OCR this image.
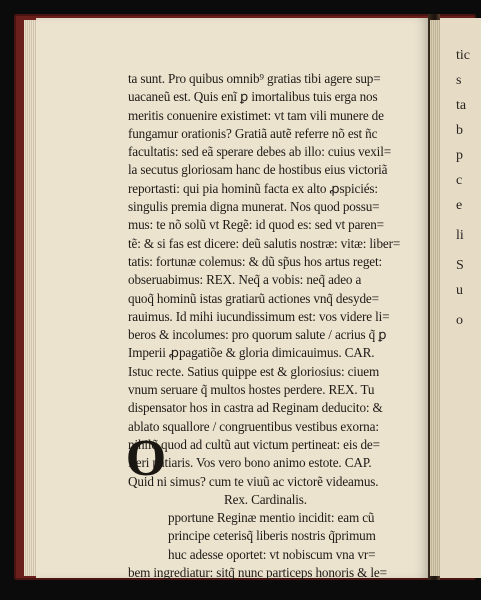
tic
s
ta
b
p
c
e
li
S
u
o
ta sunt. Pro quibus omnib⁹ gratias tibi agere sup=
uacaneũ est. Quis enĩ ꝑ imortalibus tuis erga nos
meritis conuenire existimet: vt tam vili munere de
fungamur orationis? Gratiã autẽ referre nõ est ñc
facultatis: sed eã sperare debes ab illo: cuius vexil=
la secutus gloriosam hanc de hostibus eius victoriã
reportasti: qui pia hominũ facta ex alto ꝓspiciés:
singulis premia digna munerat. Nos quod possu=
mus: te nõ solũ vt Regẽ: id quod es: sed vt paren=
tẽ: & si fas est dicere: deũ salutis nostræ: vitæ: liber=
tatis: fortunæ colemus: & dũ sp̃us hos artus reget:
obseruabimus: REX. Neq̃ a vobis: neq̃ adeo a
quoq̃ hominũ istas gratiarũ actiones vnq̃ desyde=
rauimus. Id mihi iucundissimum est: vos videre li=
beros & incolumes: pro quorum salute / acrius q̃ ꝑ
Imperii ꝓpagatiõe & gloria dimicauimus. CAR.
Istuc recte. Satius quippe est & gloriosius: ciuem
vnum seruare q̃ multos hostes perdere. REX. Tu
dispensator hos in castra ad Reginam deducito: &
ablato squallore / congruentibus vestibus exorna:
nihilq̃ quod ad cultũ aut victum pertineat: eis de=
fieri patiaris. Vos vero bono animo estote. CAP.
Quid ni simus? cum te viuũ ac victorẽ videamus.
Rex. Cardinalis.
pportune Reginæ mentio incidit: eam cũ
principe ceterisq̃ liberis nostris q̃primum
huc adesse oportet: vt nobiscum vna vr=
bem ingrediatur: sitq̃ nunc particeps honoris & le=
O
